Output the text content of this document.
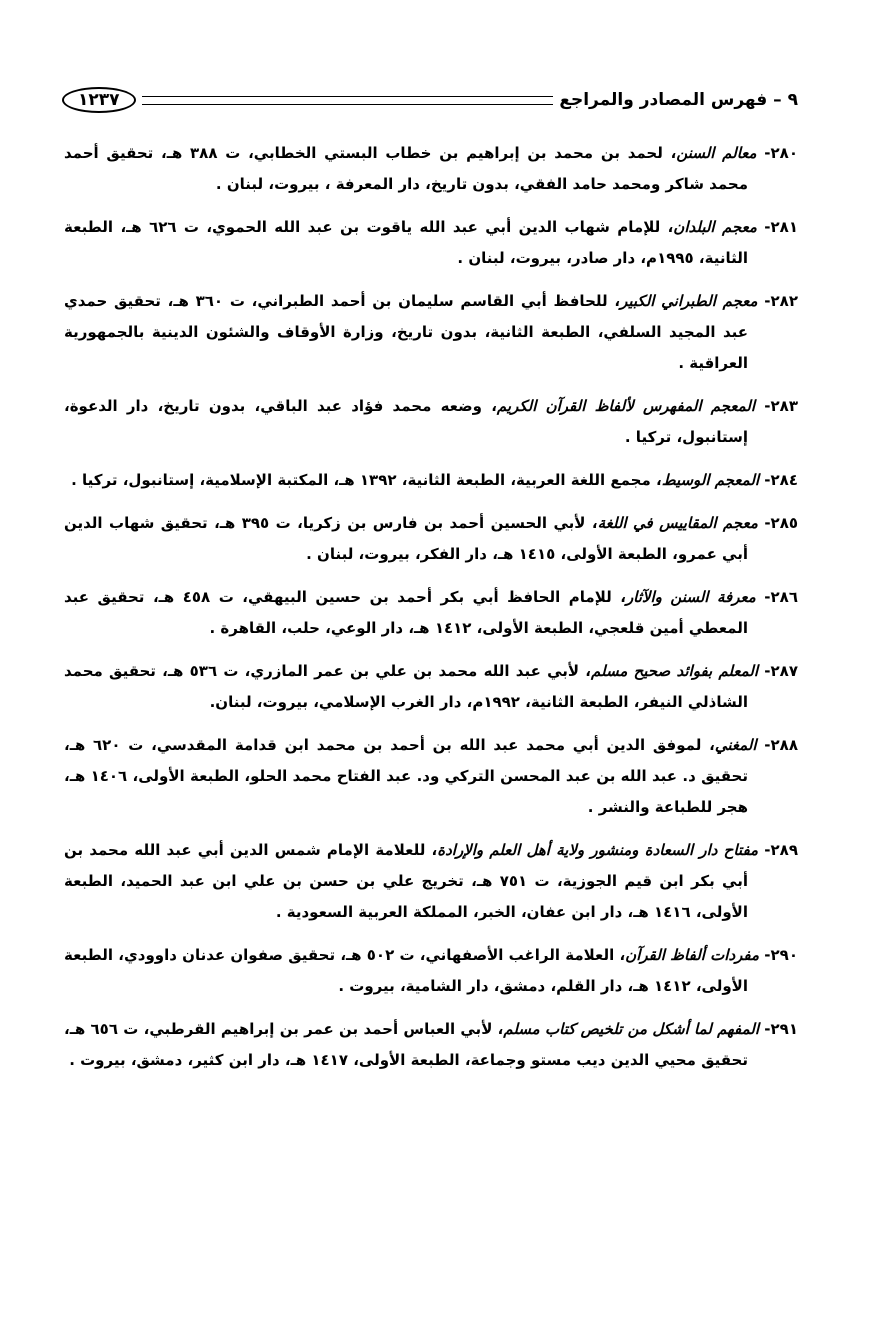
٩ – فهرس المصادر والمراجع
١٢٣٧

٢٨٠- معالم السنن، لحمد بن محمد بن إبراهيم بن خطاب البستي الخطابي، ت ٣٨٨ هـ، تحقيق أحمد محمد شاكر ومحمد حامد الفقي، بدون تاريخ، دار المعرفة ، بيروت، لبنان .

٢٨١- معجم البلدان، للإمام شهاب الدين أبي عبد الله ياقوت بن عبد الله الحموي، ت ٦٢٦ هـ، الطبعة الثانية، ١٩٩٥م، دار صادر، بيروت، لبنان .

٢٨٢- معجم الطبراني الكبير، للحافظ أبي القاسم سليمان بن أحمد الطبراني، ت ٣٦٠ هـ، تحقيق حمدي عبد المجيد السلفي، الطبعة الثانية، بدون تاريخ، وزارة الأوقاف والشئون الدينية بالجمهورية العراقية .

٢٨٣- المعجم المفهرس لألفاظ القرآن الكريم، وضعه محمد فؤاد عبد الباقي، بدون تاريخ، دار الدعوة، إستانبول، تركيا .

٢٨٤- المعجم الوسيط، مجمع اللغة العربية، الطبعة الثانية، ١٣٩٢ هـ، المكتبة الإسلامية، إستانبول، تركيا .

٢٨٥- معجم المقاييس في اللغة، لأبي الحسين أحمد بن فارس بن زكريا، ت ٣٩٥ هـ، تحقيق شهاب الدين أبي عمرو، الطبعة الأولى، ١٤١٥ هـ، دار الفكر، بيروت، لبنان .

٢٨٦- معرفة السنن والآثار، للإمام الحافظ أبي بكر أحمد بن حسين البيهقي، ت ٤٥٨ هـ، تحقيق عبد المعطي أمين قلعجي، الطبعة الأولى، ١٤١٢ هـ، دار الوعي، حلب، القاهرة .

٢٨٧- المعلم بفوائد صحيح مسلم، لأبي عبد الله محمد بن علي بن عمر المازري، ت ٥٣٦ هـ، تحقيق محمد الشاذلي النيفر، الطبعة الثانية، ١٩٩٢م، دار الغرب الإسلامي، بيروت، لبنان.

٢٨٨- المغني، لموفق الدين أبي محمد عبد الله بن أحمد بن محمد ابن قدامة المقدسي، ت ٦٢٠ هـ، تحقيق د. عبد الله بن عبد المحسن التركي ود. عبد الفتاح محمد الحلو، الطبعة الأولى، ١٤٠٦ هـ، هجر للطباعة والنشر .

٢٨٩- مفتاح دار السعادة ومنشور ولاية أهل العلم والإرادة، للعلامة الإمام شمس الدين أبي عبد الله محمد بن أبي بكر ابن قيم الجوزية، ت ٧٥١ هـ، تخريج علي بن حسن بن علي ابن عبد الحميد، الطبعة الأولى، ١٤١٦ هـ، دار ابن عفان، الخبر، المملكة العربية السعودية .

٢٩٠- مفردات ألفاظ القرآن، العلامة الراغب الأصفهاني، ت ٥٠٢ هـ، تحقيق صفوان عدنان داوودي، الطبعة الأولى، ١٤١٢ هـ، دار القلم، دمشق، دار الشامية، بيروت .

٢٩١- المفهم لما أشكل من تلخيص كتاب مسلم، لأبي العباس أحمد بن عمر بن إبراهيم القرطبي، ت ٦٥٦ هـ، تحقيق محيي الدين ديب مستو وجماعة، الطبعة الأولى، ١٤١٧ هـ، دار ابن كثير، دمشق، بيروت .
